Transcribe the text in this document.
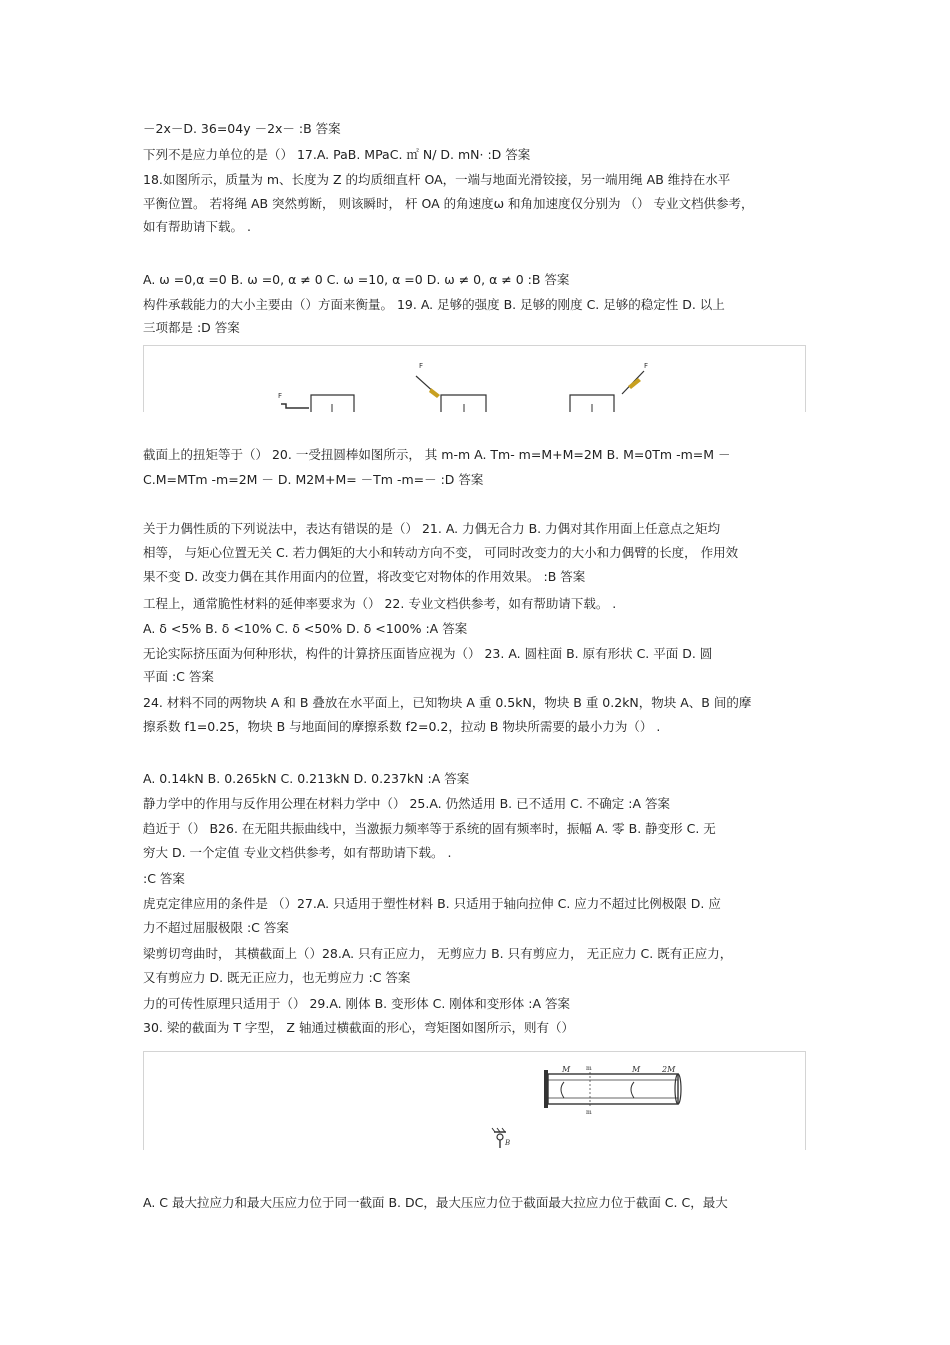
－2x－D. 36=04y －2x－ :B 答案
下列不是应力单位的是（） 17.A. PaB. MPaC. ㎡ N/ D. mN· :D 答案
18.如图所示，质量为 m、长度为 Z 的均质细直杆 OA，一端与地面光滑铰接，另一端用绳 AB 维持在水平
平衡位置。 若将绳 AB 突然剪断， 则该瞬时， 杆 OA 的角速度ω 和角加速度仅分别为 （） 专业文档供参考，
如有帮助请下载。 .
A. ω =0,α =0 B. ω =0, α ≠ 0 C. ω =10, α =0 D. ω ≠ 0, α ≠ 0 :B 答案
构件承载能力的大小主要由（）方面来衡量。 19. A. 足够的强度 B. 足够的刚度 C. 足够的稳定性 D. 以上
三项都是 :D 答案
F
F	F
截面上的扭矩等于（） 20. 一受扭圆棒如图所示， 其 m-m A. Tm- m=M+M=2M B. M=0Tm -m=M －
C.M=MTm -m=2M － D. M2M+M= －Tm -m=－ :D 答案
关于力偶性质的下列说法中，表达有错误的是（） 21. A. 力偶无合力 B. 力偶对其作用面上任意点之矩均
相等， 与矩心位置无关 C. 若力偶矩的大小和转动方向不变， 可同时改变力的大小和力偶臂的长度， 作用效
果不变 D. 改变力偶在其作用面内的位置，将改变它对物体的作用效果。 :B 答案
工程上，通常脆性材料的延伸率要求为（） 22. 专业文档供参考，如有帮助请下载。 .
A. δ <5% B. δ <10% C. δ <50% D. δ <100% :A 答案
无论实际挤压面为何种形状，构件的计算挤压面皆应视为（） 23. A. 圆柱面 B. 原有形状 C. 平面 D. 圆
平面 :C 答案
24. 材料不同的两物块 A 和 B 叠放在水平面上，已知物块 A 重 0.5kN，物块 B 重 0.2kN，物块 A、B 间的摩
擦系数 f1=0.25，物块 B 与地面间的摩擦系数 f2=0.2，拉动 B 物块所需要的最小力为（） .
A. 0.14kN B. 0.265kN C. 0.213kN D. 0.237kN :A 答案
静力学中的作用与反作用公理在材料力学中（） 25.A. 仍然适用 B. 已不适用 C. 不确定 :A 答案
趋近于（） B26. 在无阻共振曲线中，当激振力频率等于系统的固有频率时，振幅 A. 零 B. 静变形 C. 无
穷大 D. 一个定值 专业文档供参考，如有帮助请下载。 .
:C 答案
虎克定律应用的条件是 （）27.A. 只适用于塑性材料 B. 只适用于轴向拉伸 C. 应力不超过比例极限 D. 应
力不超过屈服极限 :C 答案
梁剪切弯曲时， 其横截面上（）28.A. 只有正应力， 无剪应力 B. 只有剪应力， 无正应力 C. 既有正应力，
又有剪应力 D. 既无正应力，也无剪应力 :C 答案
力的可传性原理只适用于（） 29.A. 刚体 B. 变形体 C. 刚体和变形体 :A 答案
30. 梁的截面为 T 字型， Z 轴通过横截面的形心，弯矩图如图所示，则有（）
M	m	M	2M
m
B
A. C 最大拉应力和最大压应力位于同一截面 B. DC，最大压应力位于截面最大拉应力位于截面 C. C，最大
